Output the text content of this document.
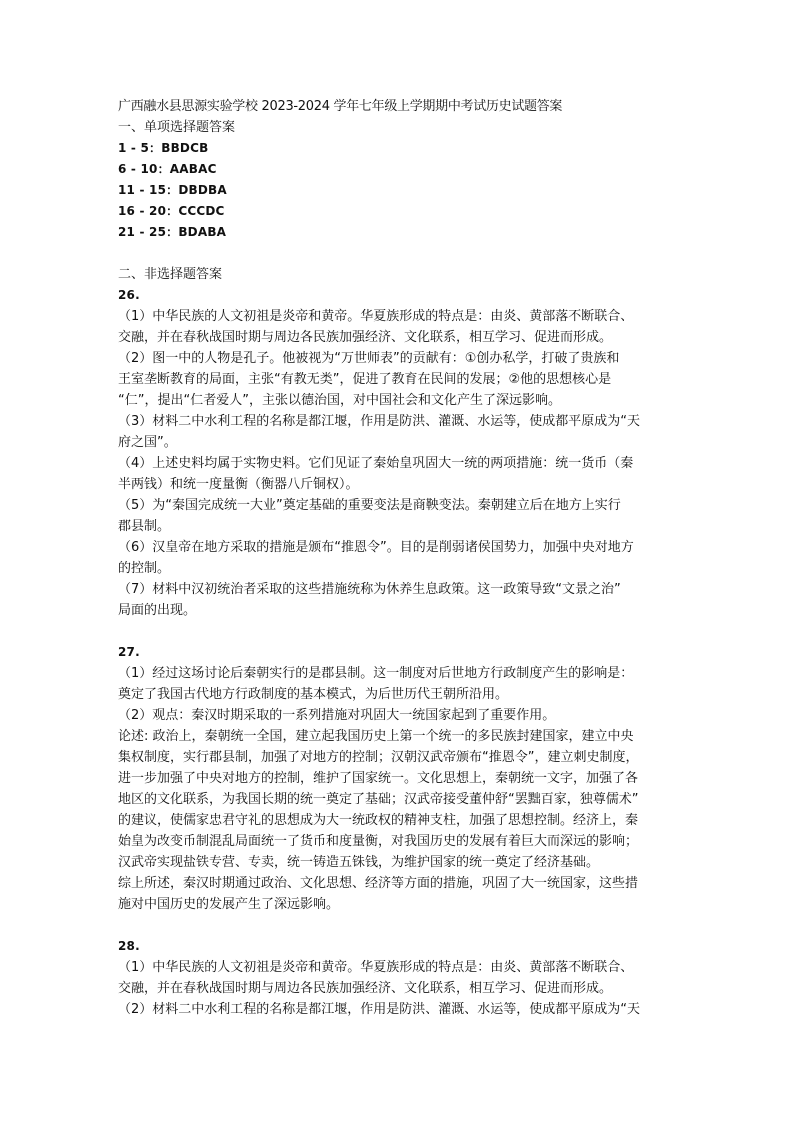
广西融水县思源实验学校 2023-2024 学年七年级上学期期中考试历史试题答案
一、单项选择题答案
1 - 5：BBDCB
6 - 10：AABAC
11 - 15：DBDBA
16 - 20：CCCDC
21 - 25：BDABA
二、非选择题答案
26.
（1）中华民族的人文初祖是炎帝和黄帝。华夏族形成的特点是：由炎、黄部落不断联合、
交融，并在春秋战国时期与周边各民族加强经济、文化联系，相互学习、促进而形成。
（2）图一中的人物是孔子。他被视为“万世师表”的贡献有：①创办私学，打破了贵族和
王室垄断教育的局面，主张“有教无类”，促进了教育在民间的发展；②他的思想核心是
“仁”，提出“仁者爱人”，主张以德治国，对中国社会和文化产生了深远影响。
（3）材料二中水利工程的名称是都江堰，作用是防洪、灌溉、水运等，使成都平原成为“天
府之国”。
（4）上述史料均属于实物史料。它们见证了秦始皇巩固大一统的两项措施：统一货币（秦
半两钱）和统一度量衡（衡器八斤铜权）。
（5）为“秦国完成统一大业”奠定基础的重要变法是商鞅变法。秦朝建立后在地方上实行
郡县制。
（6）汉皇帝在地方采取的措施是颁布“推恩令”。目的是削弱诸侯国势力，加强中央对地方
的控制。
（7）材料中汉初统治者采取的这些措施统称为休养生息政策。这一政策导致“文景之治”
局面的出现。
27.
（1）经过这场讨论后秦朝实行的是郡县制。这一制度对后世地方行政制度产生的影响是：
奠定了我国古代地方行政制度的基本模式，为后世历代王朝所沿用。
（2）观点：秦汉时期采取的一系列措施对巩固大一统国家起到了重要作用。
论述: 政治上，秦朝统一全国，建立起我国历史上第一个统一的多民族封建国家，建立中央
集权制度，实行郡县制，加强了对地方的控制；汉朝汉武帝颁布“推恩令”，建立刺史制度，
进一步加强了中央对地方的控制，维护了国家统一。文化思想上，秦朝统一文字，加强了各
地区的文化联系，为我国长期的统一奠定了基础；汉武帝接受董仲舒“罢黜百家，独尊儒术”
的建议，使儒家忠君守礼的思想成为大一统政权的精神支柱，加强了思想控制。经济上，秦
始皇为改变币制混乱局面统一了货币和度量衡，对我国历史的发展有着巨大而深远的影响；
汉武帝实现盐铁专营、专卖，统一铸造五铢钱，为维护国家的统一奠定了经济基础。
综上所述，秦汉时期通过政治、文化思想、经济等方面的措施，巩固了大一统国家，这些措
施对中国历史的发展产生了深远影响。
28.
（1）中华民族的人文初祖是炎帝和黄帝。华夏族形成的特点是：由炎、黄部落不断联合、
交融，并在春秋战国时期与周边各民族加强经济、文化联系，相互学习、促进而形成。
（2）材料二中水利工程的名称是都江堰，作用是防洪、灌溉、水运等，使成都平原成为“天
